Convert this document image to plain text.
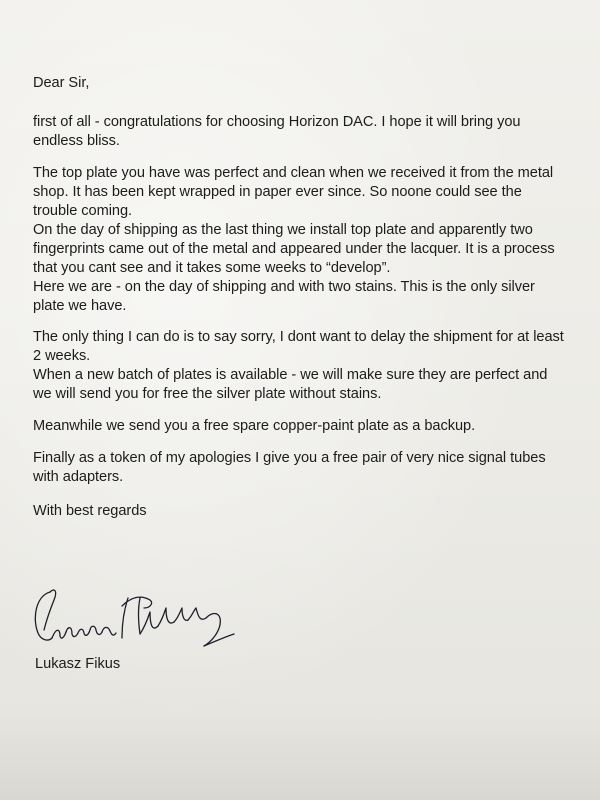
Dear Sir,

first of all - congratulations for choosing Horizon DAC. I hope it will bring you

endless bliss.

The top plate you have was perfect and clean when we received it from the metal

shop. It has been kept wrapped in paper ever since. So noone could see the

trouble coming.

On the day of shipping as the last thing we install top plate and apparently two

fingerprints came out of the metal and appeared under the lacquer. It is a process

that you cant see and it takes some weeks to “develop”.

Here we are - on the day of shipping and with two stains. This is the only silver

plate we have.

The only thing I can do is to say sorry, I dont want to delay the shipment for at least

2 weeks.

When a new batch of plates is available - we will make sure they are perfect and

we will send you for free the silver plate without stains.

Meanwhile we send you a free spare copper-paint plate as a backup.

Finally as a token of my apologies I give you a free pair of very nice signal tubes

with adapters.

With best regards

Lukasz Fikus
